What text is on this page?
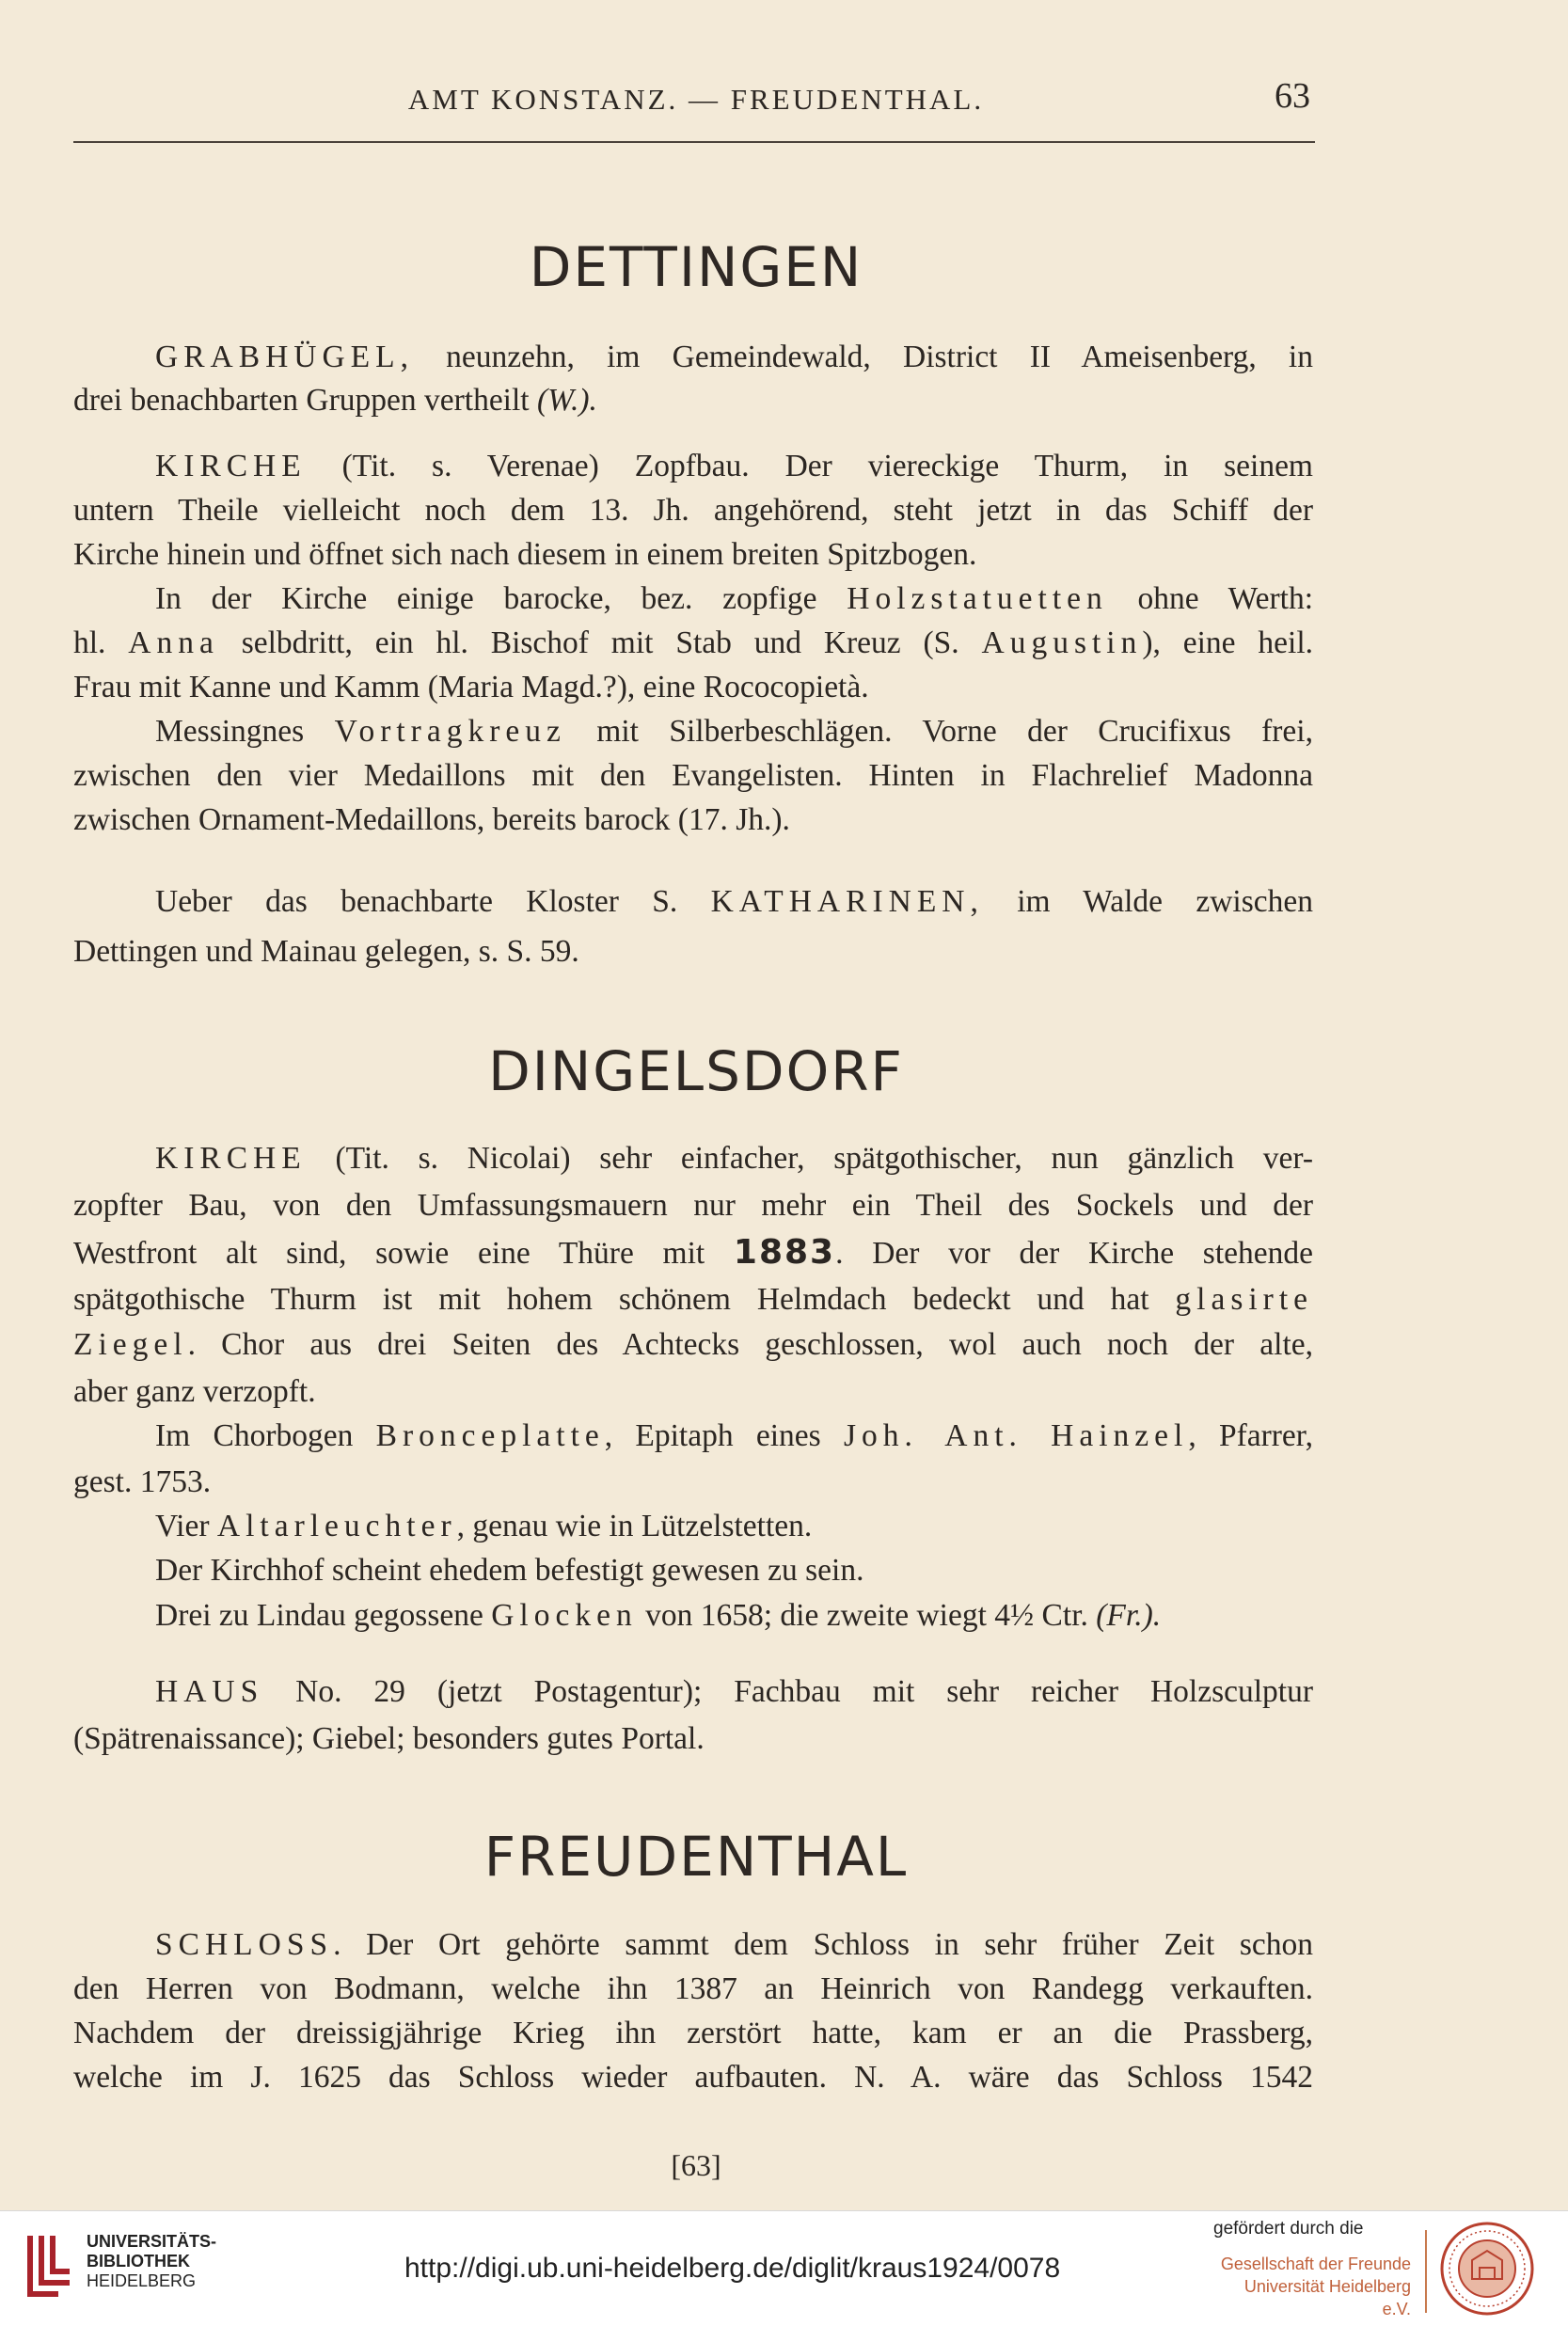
AMT KONSTANZ. — FREUDENTHAL.	63
DETTINGEN
GRABHÜGEL, neunzehn, im Gemeindewald, District II Ameisenberg, in
drei benachbarten Gruppen vertheilt (W.).
KIRCHE (Tit. s. Verenae) Zopfbau. Der viereckige Thurm, in seinem
untern Theile vielleicht noch dem 13. Jh. angehörend, steht jetzt in das Schiff der
Kirche hinein und öffnet sich nach diesem in einem breiten Spitzbogen.
In der Kirche einige barocke, bez. zopfige Holzstatuetten ohne Werth:
hl. Anna selbdritt, ein hl. Bischof mit Stab und Kreuz (S. Augustin), eine heil.
Frau mit Kanne und Kamm (Maria Magd.?), eine Rococopietà.
Messingnes Vortragkreuz mit Silberbeschlägen. Vorne der Crucifixus frei,
zwischen den vier Medaillons mit den Evangelisten. Hinten in Flachrelief Madonna
zwischen Ornament-Medaillons, bereits barock (17. Jh.).
Ueber das benachbarte Kloster S. KATHARINEN, im Walde zwischen
Dettingen und Mainau gelegen, s. S. 59.
DINGELSDORF
KIRCHE (Tit. s. Nicolai) sehr einfacher, spätgothischer, nun gänzlich ver-
zopfter Bau, von den Umfassungsmauern nur mehr ein Theil des Sockels und der
Westfront alt sind, sowie eine Thüre mit 1883. Der vor der Kirche stehende
spätgothische Thurm ist mit hohem schönem Helmdach bedeckt und hat glasirte
Ziegel. Chor aus drei Seiten des Achtecks geschlossen, wol auch noch der alte,
aber ganz verzopft.
Im Chorbogen Bronceplatte, Epitaph eines Joh. Ant. Hainzel, Pfarrer,
gest. 1753.
Vier Altarleuchter, genau wie in Lützelstetten.
Der Kirchhof scheint ehedem befestigt gewesen zu sein.
Drei zu Lindau gegossene Glocken von 1658; die zweite wiegt 4½ Ctr. (Fr.).
HAUS No. 29 (jetzt Postagentur); Fachbau mit sehr reicher Holzsculptur
(Spätrenaissance); Giebel; besonders gutes Portal.
FREUDENTHAL
SCHLOSS. Der Ort gehörte sammt dem Schloss in sehr früher Zeit schon
den Herren von Bodmann, welche ihn 1387 an Heinrich von Randegg verkauften.
Nachdem der dreissigjährige Krieg ihn zerstört hatte, kam er an die Prassberg,
welche im J. 1625 das Schloss wieder aufbauten. N. A. wäre das Schloss 1542
[63]
UNIVERSITÄTS-
BIBLIOTHEK
HEIDELBERG	http://digi.ub.uni-heidelberg.de/diglit/kraus1924/0078
gefördert durch die
Gesellschaft der Freunde
Universität Heidelberg e.V.
